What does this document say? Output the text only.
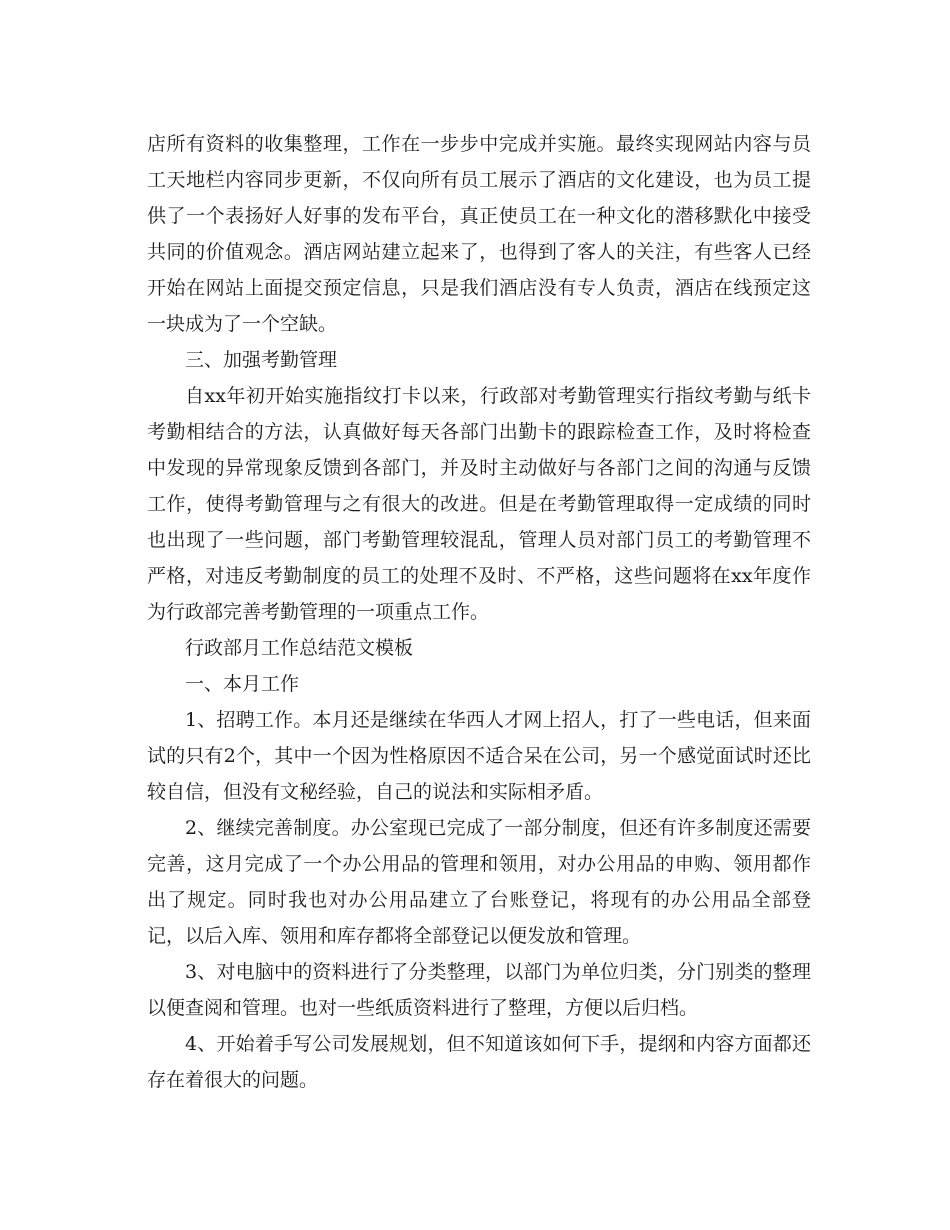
店所有资料的收集整理，工作在一步步中完成并实施。最终实现网站内容与员工天地栏内容同步更新，不仅向所有员工展示了酒店的文化建设，也为员工提供了一个表扬好人好事的发布平台，真正使员工在一种文化的潜移默化中接受共同的价值观念。酒店网站建立起来了，也得到了客人的关注，有些客人已经开始在网站上面提交预定信息，只是我们酒店没有专人负责，酒店在线预定这一块成为了一个空缺。

三、加强考勤管理

自xx年初开始实施指纹打卡以来，行政部对考勤管理实行指纹考勤与纸卡考勤相结合的方法，认真做好每天各部门出勤卡的跟踪检查工作，及时将检查中发现的异常现象反馈到各部门，并及时主动做好与各部门之间的沟通与反馈工作，使得考勤管理与之有很大的改进。但是在考勤管理取得一定成绩的同时也出现了一些问题，部门考勤管理较混乱，管理人员对部门员工的考勤管理不严格，对违反考勤制度的员工的处理不及时、不严格，这些问题将在xx年度作为行政部完善考勤管理的一项重点工作。

行政部月工作总结范文模板

一、本月工作

1、招聘工作。本月还是继续在华西人才网上招人，打了一些电话，但来面试的只有2个，其中一个因为性格原因不适合呆在公司，另一个感觉面试时还比较自信，但没有文秘经验，自己的说法和实际相矛盾。

2、继续完善制度。办公室现已完成了一部分制度，但还有许多制度还需要完善，这月完成了一个办公用品的管理和领用，对办公用品的申购、领用都作出了规定。同时我也对办公用品建立了台账登记，将现有的办公用品全部登记，以后入库、领用和库存都将全部登记以便发放和管理。

3、对电脑中的资料进行了分类整理，以部门为单位归类，分门别类的整理以便查阅和管理。也对一些纸质资料进行了整理，方便以后归档。

4、开始着手写公司发展规划，但不知道该如何下手，提纲和内容方面都还存在着很大的问题。
